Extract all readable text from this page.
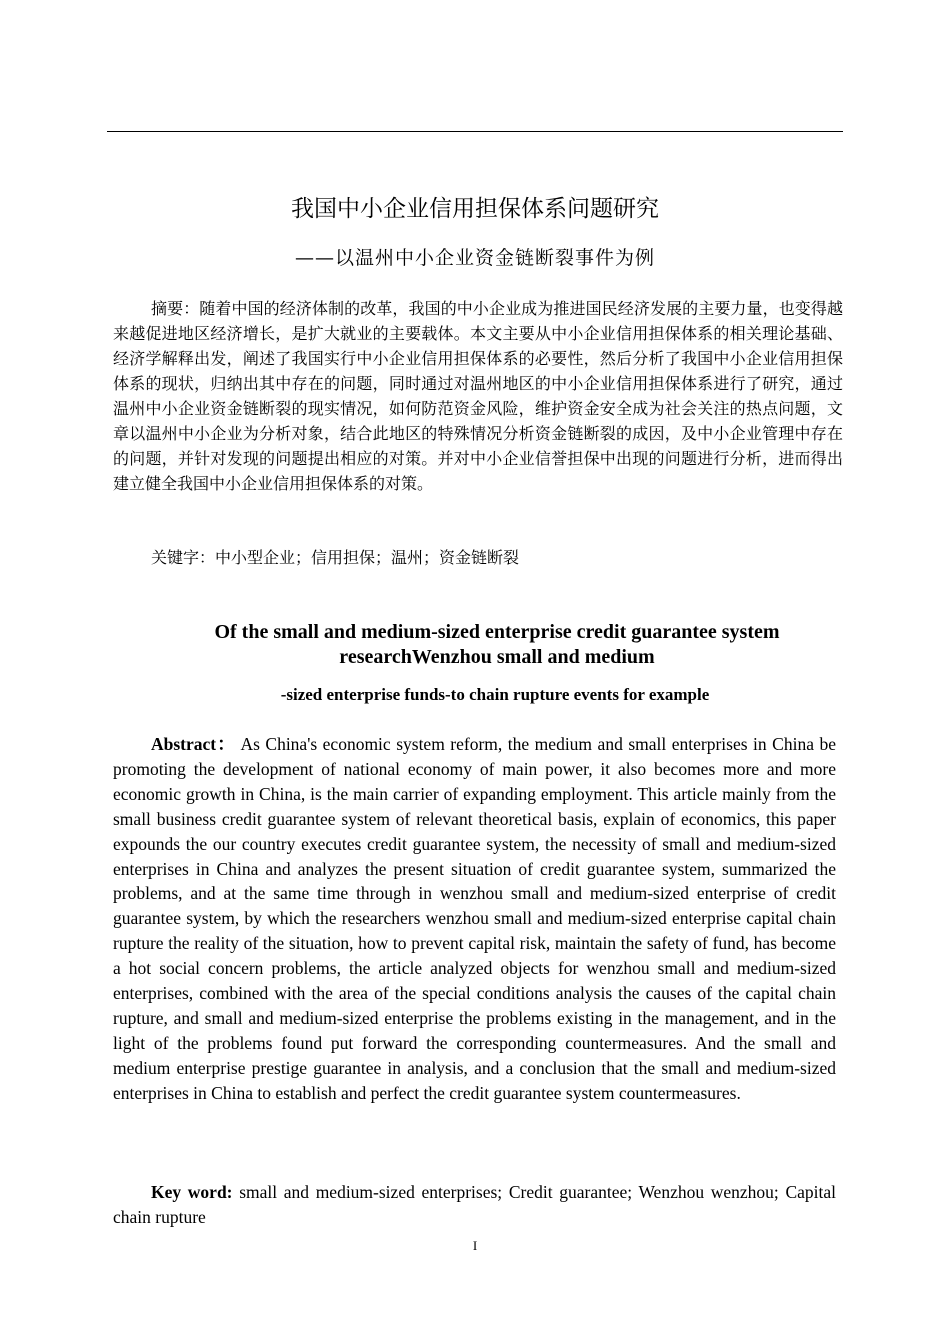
我国中小企业信用担保体系问题研究
——以温州中小企业资金链断裂事件为例

摘要：随着中国的经济体制的改革，我国的中小企业成为推进国民经济发展的主要力量，也变得越来越促进地区经济增长，是扩大就业的主要载体。本文主要从中小企业信用担保体系的相关理论基础、经济学解释出发，阐述了我国实行中小企业信用担保体系的必要性，然后分析了我国中小企业信用担保体系的现状，归纳出其中存在的问题，同时通过对温州地区的中小企业信用担保体系进行了研究，通过温州中小企业资金链断裂的现实情况，如何防范资金风险，维护资金安全成为社会关注的热点问题，文章以温州中小企业为分析对象，结合此地区的特殊情况分析资金链断裂的成因，及中小企业管理中存在的问题，并针对发现的问题提出相应的对策。并对中小企业信誉担保中出现的问题进行分析，进而得出建立健全我国中小企业信用担保体系的对策。

关键字：中小型企业；信用担保；温州；资金链断裂

Of the small and medium-sized enterprise credit guarantee system researchWenzhou small and medium

-sized enterprise funds-to chain rupture events for example

Abstract： As China's economic system reform, the medium and small enterprises in China be promoting the development of national economy of main power, it also becomes more and more economic growth in China, is the main carrier of expanding employment. This article mainly from the small business credit guarantee system of relevant theoretical basis, explain of economics, this paper expounds the our country executes credit guarantee system, the necessity of small and medium-sized enterprises in China and analyzes the present situation of credit guarantee system, summarized the problems, and at the same time through in wenzhou small and medium-sized enterprise of credit guarantee system, by which the researchers wenzhou small and medium-sized enterprise capital chain rupture the reality of the situation, how to prevent capital risk, maintain the safety of fund, has become a hot social concern problems, the article analyzed objects for wenzhou small and medium-sized enterprises, combined with the area of the special conditions analysis the causes of the capital chain rupture, and small and medium-sized enterprise the problems existing in the management, and in the light of the problems found put forward the corresponding countermeasures. And the small and medium enterprise prestige guarantee in analysis, and a conclusion that the small and medium-sized enterprises in China to establish and perfect the credit guarantee system countermeasures.

Key word: small and medium-sized enterprises; Credit guarantee; Wenzhou wenzhou; Capital chain rupture

I
